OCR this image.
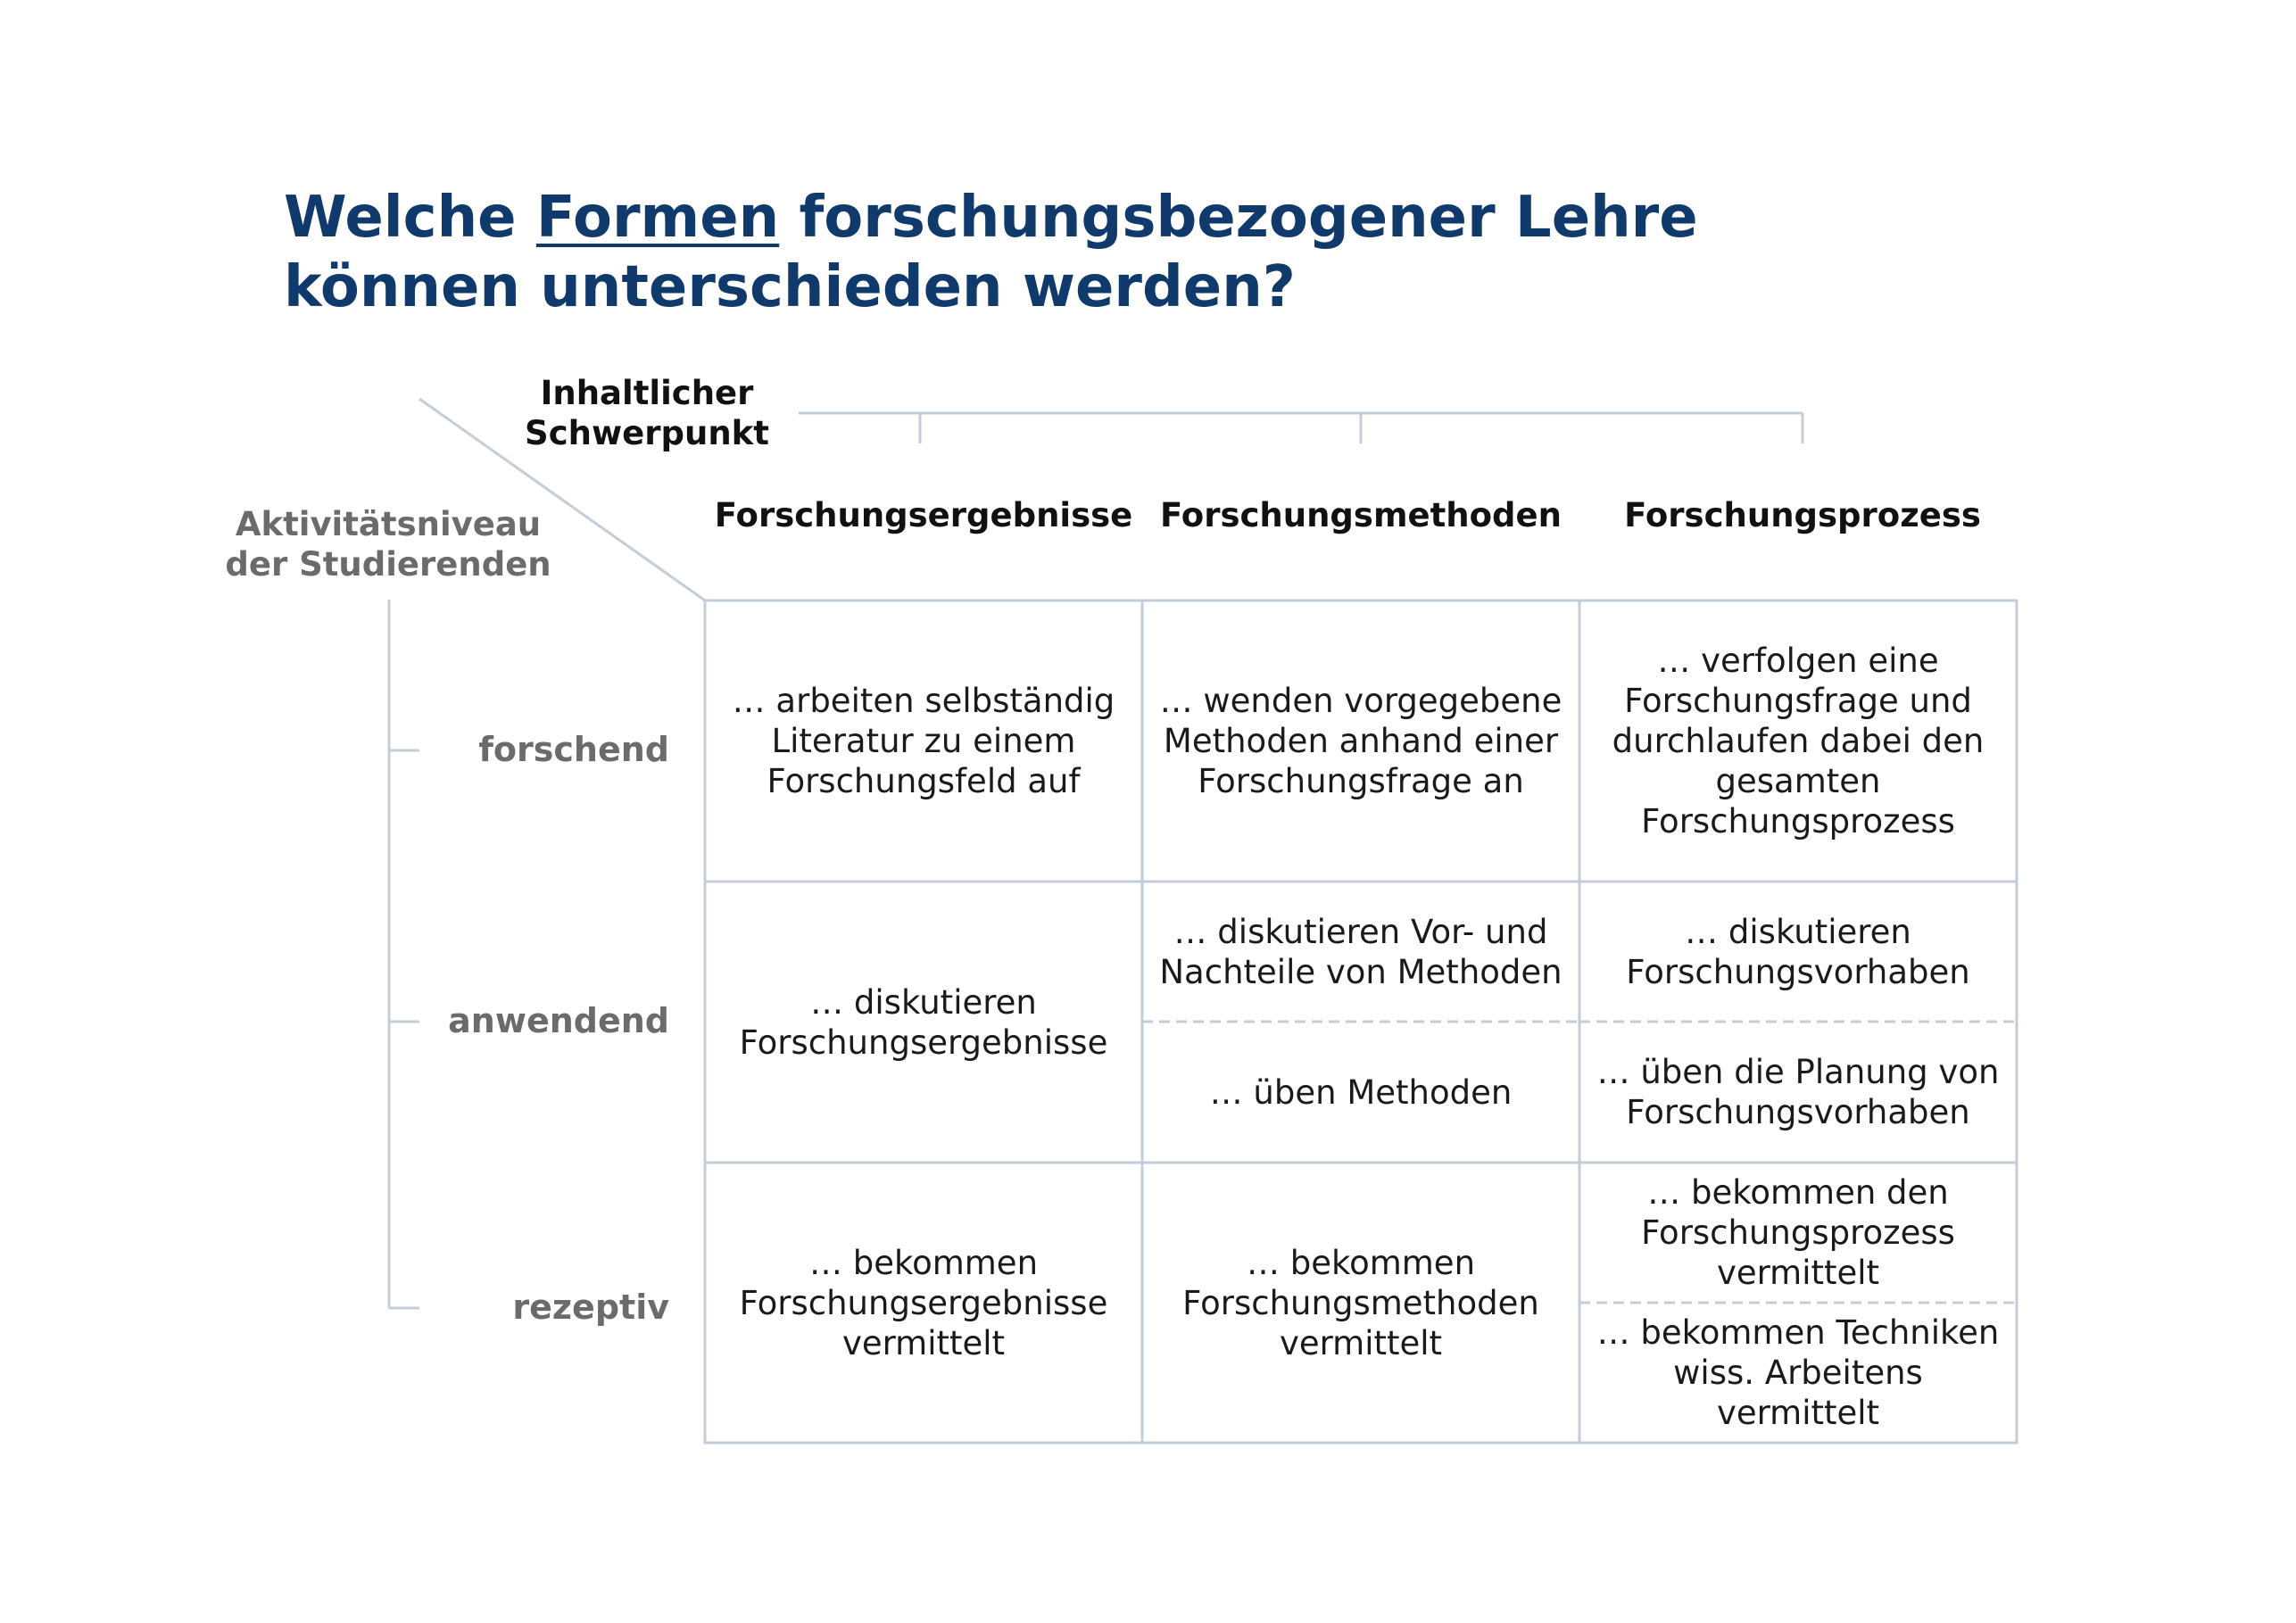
Welche Formen forschungsbezogener Lehre
können unterschieden werden?
Inhaltlicher Schwerpunkt
Aktivitätsniveau der Studierenden
Forschungsergebnisse Forschungsmethoden	Forschungsprozess
forschend
anwendend
rezeptiv
… arbeiten selbständig Literatur zu einem Forschungsfeld auf
… wenden vorgegebene Methoden anhand einer Forschungsfrage an
… verfolgen eine Forschungsfrage und durchlaufen dabei den gesamten Forschungsprozess
… diskutieren Forschungsergebnisse
… diskutieren Vor- und Nachteile von Methoden
… üben Methoden
… diskutieren Forschungsvorhaben
… üben die Planung von Forschungsvorhaben
… bekommen Forschungsergebnisse vermittelt
… bekommen Forschungsmethoden vermittelt
… bekommen den Forschungsprozess vermittelt
… bekommen Techniken wiss. Arbeitens vermittelt
